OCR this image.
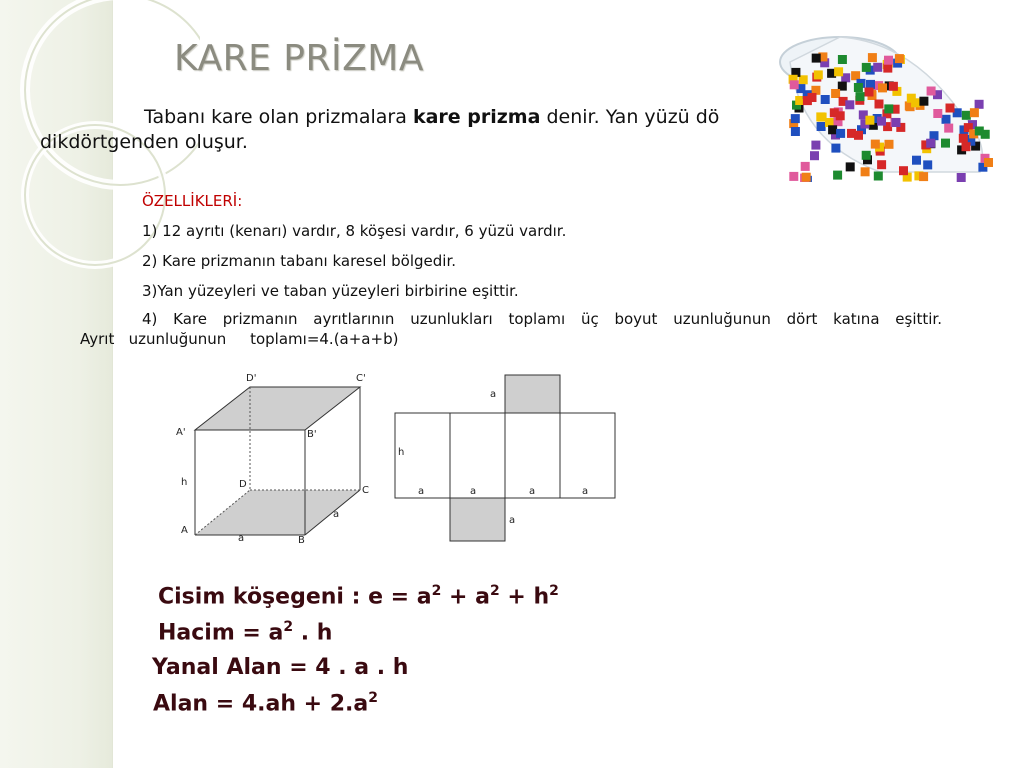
KARE PRİZMA
Tabanı kare olan prizmalara kare prizma denir. Yan yüzü dö
dikdörtgenden oluşur.
ÖZELLİKLERİ:
1) 12 ayrıtı (kenarı) vardır, 8 köşesi vardır, 6 yüzü vardır.
2) Kare prizmanın tabanı karesel bölgedir.
3)Yan yüzeyleri ve taban yüzeyleri birbirine eşittir.
4) Kare prizmanın ayrıtlarının uzunlukları toplamı üç boyut uzunluğunun dört katına eşittir.
Ayrıt   uzunluğunun     toplamı=4.(a+a+b)
D'	C'
A'	B'
D
C
A
B
h
a
a
a
h
a	a	a	a
a
Cisim köşegeni : $e = a^2 + a^2 + h^2$
Hacim = $a^2$ . h
Yanal Alan = 4 . a . h
Alan = $4.ah + 2.a^2$
